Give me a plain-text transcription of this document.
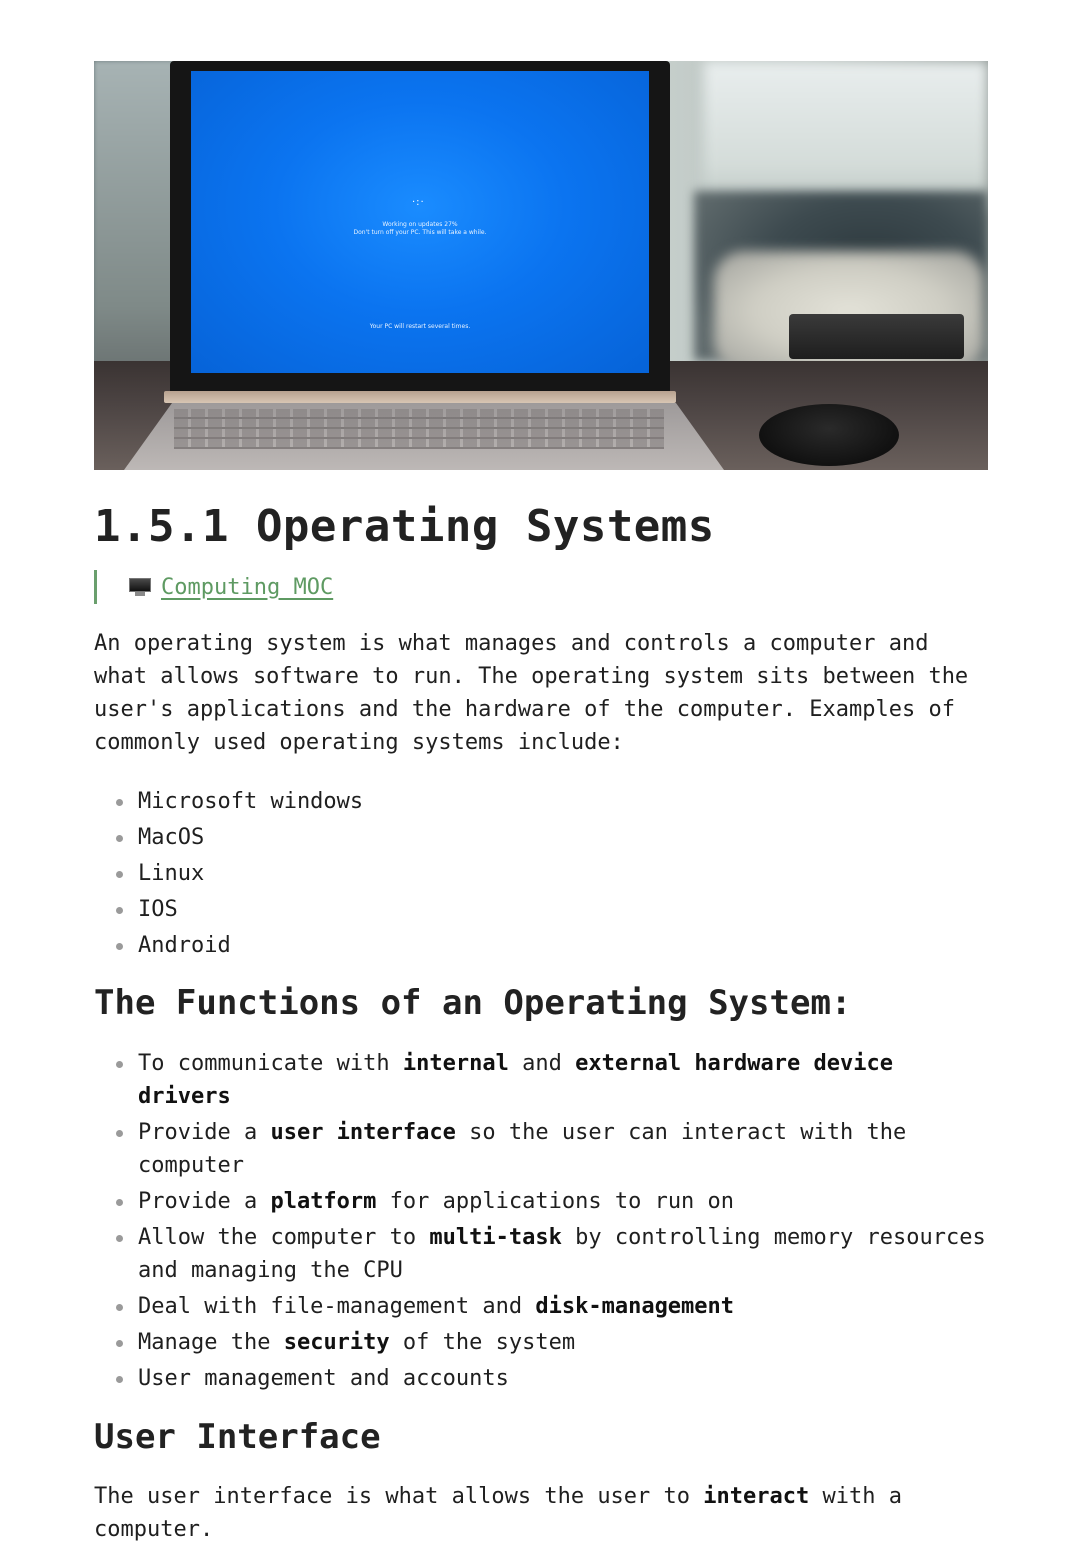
·:·
Working on updates 27%
Don't turn off your PC. This will take a while.
Your PC will restart several times.
1.5.1 Operating Systems
Computing MOC

An operating system is what manages and controls a computer and what allows software to run. The operating system sits between the user's applications and the hardware of the computer. Examples of commonly used operating systems include:

Microsoft windows
MacOS
Linux
IOS
Android
The Functions of an Operating System:
To communicate with internal and external hardware device drivers
Provide a user interface so the user can interact with the computer
Provide a platform for applications to run on
Allow the computer to multi-task by controlling memory resources and managing the CPU
Deal with file-management and disk-management
Manage the security of the system
User management and accounts
User Interface

The user interface is what allows the user to interact with a computer.
